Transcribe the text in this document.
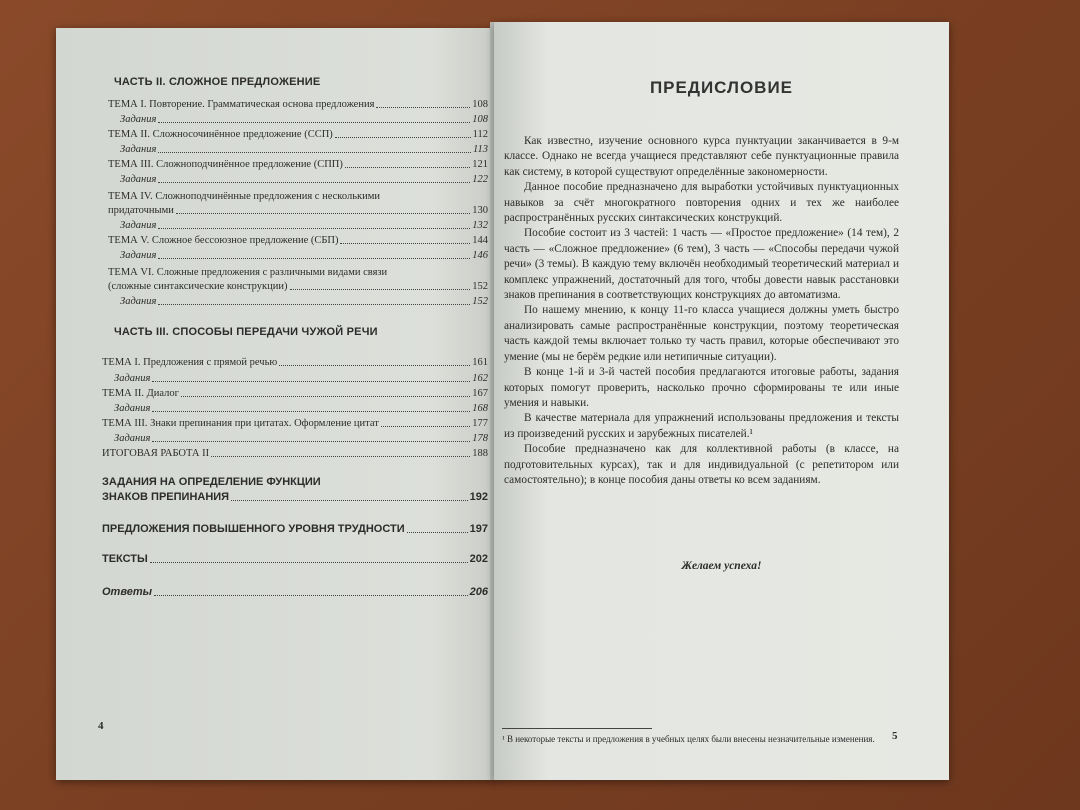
ЧАСТЬ II. СЛОЖНОЕ ПРЕДЛОЖЕНИЕ
ТЕМА I. Повторение. Грамматическая основа предложения	108
Задания	108
ТЕМА II. Сложносочинённое предложение (ССП)	112
Задания	113
ТЕМА III. Сложноподчинённое предложение (СПП)	121
Задания	122
ТЕМА IV. Сложноподчинённые предложения с несколькими
придаточными	130
Задания	132
ТЕМА V. Сложное бессоюзное предложение (СБП)	144
Задания	146
ТЕМА VI. Сложные предложения с различными видами связи
(сложные синтаксические конструкции)	152
Задания	152
ЧАСТЬ III. СПОСОБЫ ПЕРЕДАЧИ ЧУЖОЙ РЕЧИ
ТЕМА I. Предложения с прямой речью	161
Задания	162
ТЕМА II. Диалог	167
Задания	168
ТЕМА III. Знаки препинания при цитатах. Оформление цитат	177
Задания	178
ИТОГОВАЯ РАБОТА II	188
ЗАДАНИЯ НА ОПРЕДЕЛЕНИЕ ФУНКЦИИ
ЗНАКОВ ПРЕПИНАНИЯ	192
ПРЕДЛОЖЕНИЯ ПОВЫШЕННОГО УРОВНЯ ТРУДНОСТИ	197
ТЕКСТЫ	202
Ответы	206
4
ПРЕДИСЛОВИЕ

Как известно, изучение основного курса пунктуации заканчивается в 9-м классе. Однако не всегда учащиеся представляют себе пунктуационные правила как систему, в которой существуют определённые закономерности.

Данное пособие предназначено для выработки устойчивых пунктуационных навыков за счёт многократного повторения одних и тех же наиболее распространённых русских синтаксических конструкций.

Пособие состоит из 3 частей: 1 часть — «Простое предложение» (14 тем), 2 часть — «Сложное предложение» (6 тем), 3 часть — «Способы передачи чужой речи» (3 темы). В каждую тему включён необходимый теоретический материал и комплекс упражнений, достаточный для того, чтобы довести навык расстановки знаков препинания в соответствующих конструкциях до автоматизма.

По нашему мнению, к концу 11-го класса учащиеся должны уметь быстро анализировать самые распространённые конструкции, поэтому теоретическая часть каждой темы включает только ту часть правил, которые обеспечивают это умение (мы не берём редкие или нетипичные ситуации).

В конце 1-й и 3-й частей пособия предлагаются итоговые работы, задания которых помогут проверить, насколько прочно сформированы те или иные умения и навыки.

В качестве материала для упражнений использованы предложения и тексты из произведений русских и зарубежных писателей.¹

Пособие предназначено как для коллективной работы (в классе, на подготовительных курсах), так и для индивидуальной (с репетитором или самостоятельно); в конце пособия даны ответы ко всем заданиям.

Желаем успеха!
¹ В некоторые тексты и предложения в учебных целях были внесены незначительные изменения.	5
